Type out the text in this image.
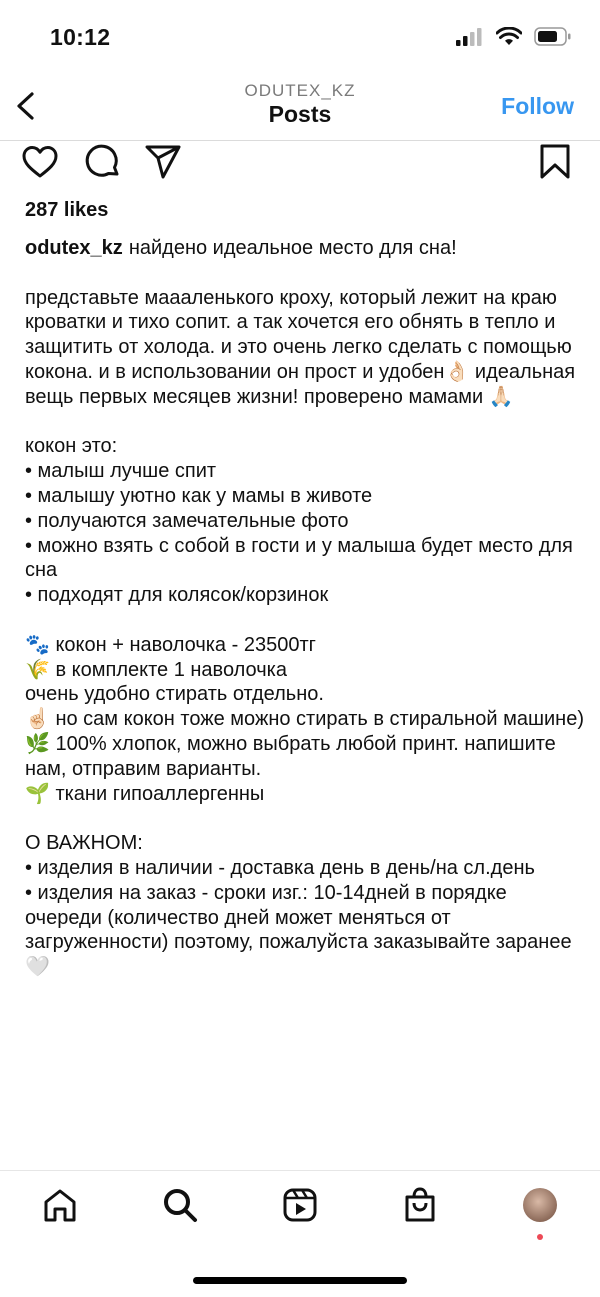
10:12
ODUTEX_KZ
Posts	Follow
287 likes
odutex_kz найдено идеальное место для сна!

представьте маааленького кроху, который лежит на краю кроватки и тихо сопит. а так хочется его обнять в тепло и защитить от холода. и это очень легко сделать с помощью кокона. и в использовании он прост и удобен👌🏻 идеальная вещь первых месяцев жизни! проверено мамами 🙏🏻

кокон это:
• малыш лучше спит
• малышу уютно как у мамы в животе
• получаются замечательные фото
• можно взять с собой в гости и у малыша будет место для сна
• подходят для колясок/корзинок

🐾 кокон + наволочка - 23500тг
🌾 в комплекте 1 наволочка
очень удобно стирать отдельно.
☝🏻 но сам кокон тоже можно стирать в стиральной машине)
🌿 100% хлопок, можно выбрать любой принт. напишите нам, отправим варианты.
🌱 ткани гипоаллергенны

О ВАЖНОМ:
• изделия в наличии - доставка день в день/на сл.день
• изделия на заказ - сроки изг.: 10-14дней в порядке очереди (количество дней может меняться от загруженности) поэтому, пожалуйста заказывайте заранее 🤍
